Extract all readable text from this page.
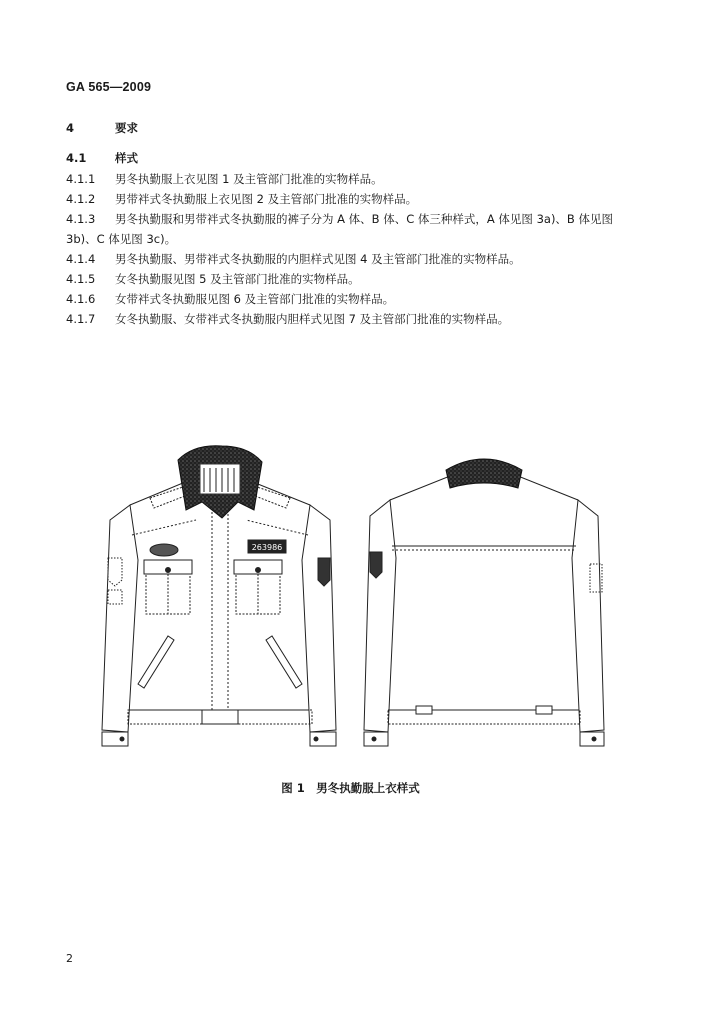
GA 565—2009
4	要求
4.1 样式
4.1.1 男冬执勤服上衣见图 1 及主管部门批准的实物样品。
4.1.2 男带袢式冬执勤服上衣见图 2 及主管部门批准的实物样品。
4.1.3 男冬执勤服和男带袢式冬执勤服的裤子分为 A 体、B 体、C 体三种样式，A 体见图 3a)、B 体见图 3b)、C 体见图 3c)。
4.1.4 男冬执勤服、男带袢式冬执勤服的内胆样式见图 4 及主管部门批准的实物样品。
4.1.5 女冬执勤服见图 5 及主管部门批准的实物样品。
4.1.6 女带袢式冬执勤服见图 6 及主管部门批准的实物样品。
4.1.7 女冬执勤服、女带袢式冬执勤服内胆样式见图 7 及主管部门批准的实物样品。
263986
图 1　男冬执勤服上衣样式
2
